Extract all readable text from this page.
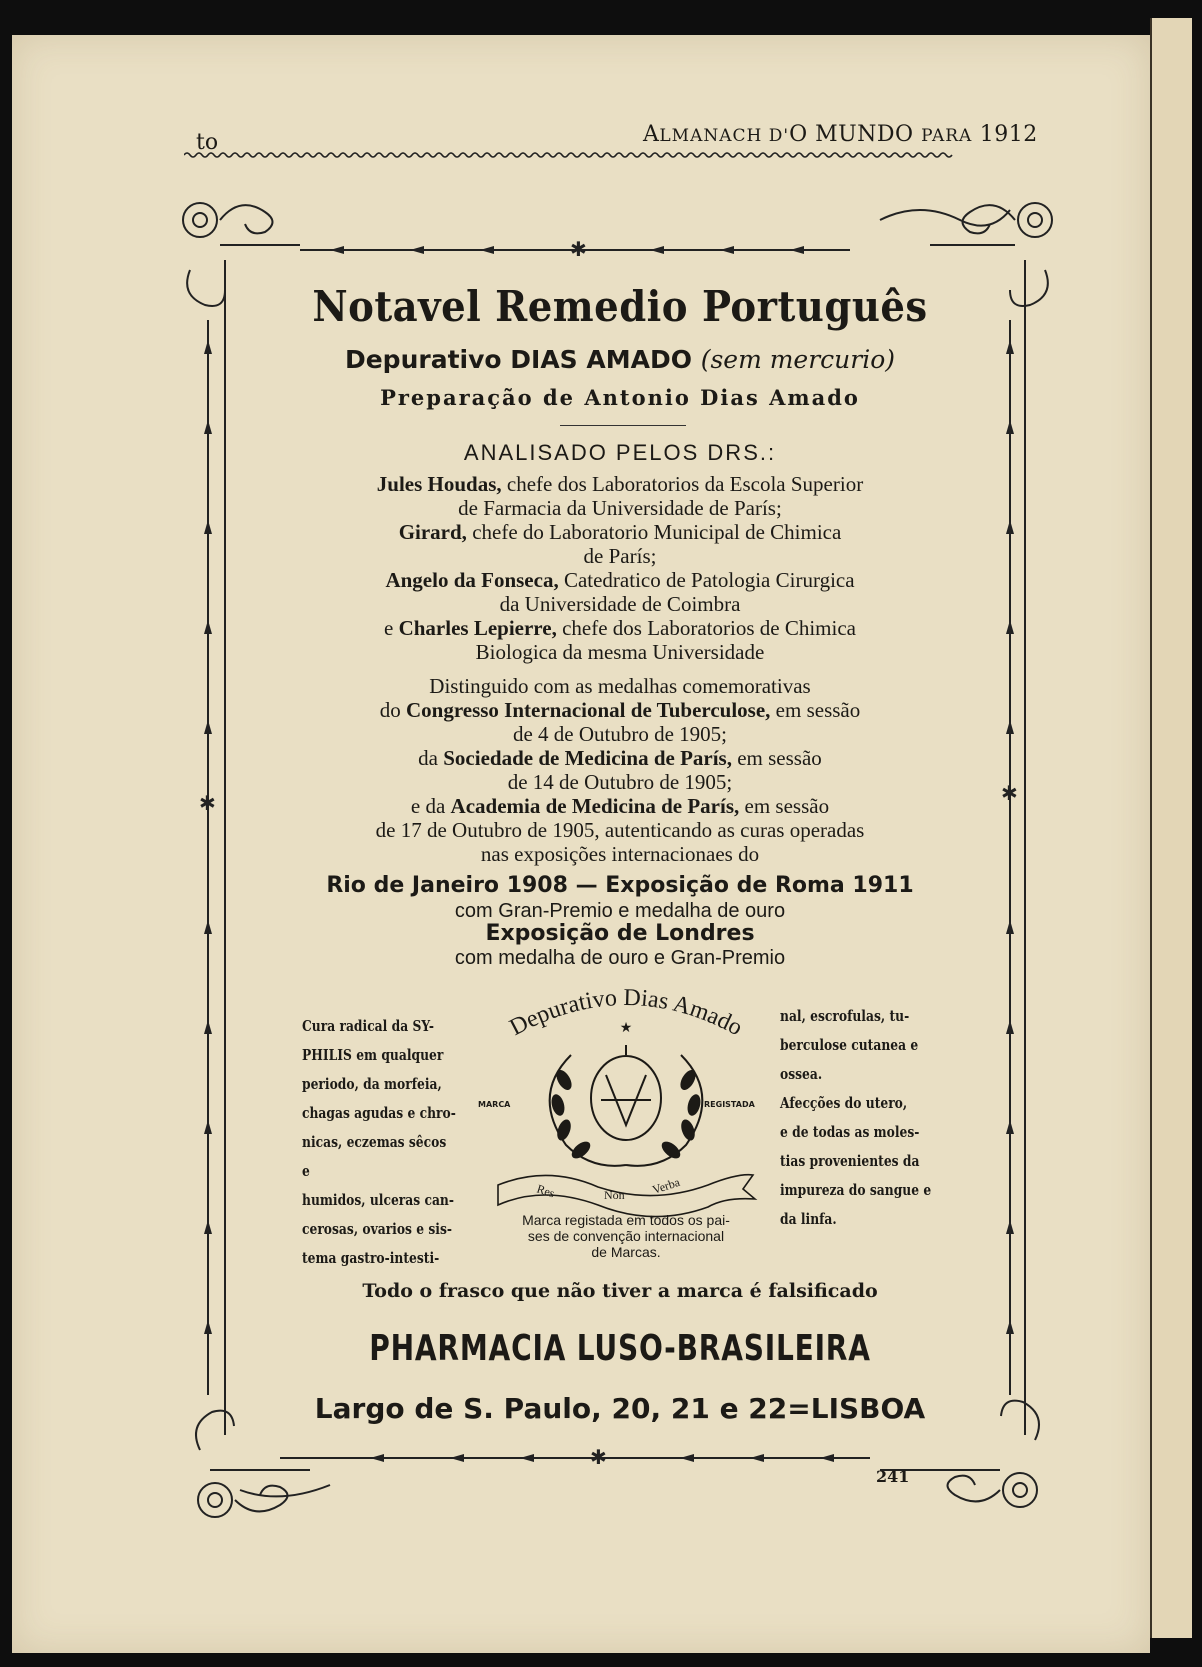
to	ALMANACH D'O MUNDO PARA 1912
✱
✱
✱	✱
Notavel Remedio Português
Depurativo DIAS AMADO (sem mercurio)
Preparação de Antonio Dias Amado
ANALISADO PELOS DRS.:
Jules Houdas, chefe dos Laboratorios da Escola Superior
de Farmacia da Universidade de París;
Girard, chefe do Laboratorio Municipal de Chimica
de París;
Angelo da Fonseca, Catedratico de Patologia Cirurgica
da Universidade de Coimbra
e Charles Lepierre, chefe dos Laboratorios de Chimica
Biologica da mesma Universidade
Distinguido com as medalhas comemorativas
do Congresso Internacional de Tuberculose, em sessão
de 4 de Outubro de 1905;
da Sociedade de Medicina de París, em sessão
de 14 de Outubro de 1905;
e da Academia de Medicina de París, em sessão
de 17 de Outubro de 1905, autenticando as curas operadas
nas exposições internacionaes do
Rio de Janeiro 1908 — Exposição de Roma 1911
com Gran-Premio e medalha de ouro
Exposição de Londres
com medalha de ouro e Gran-Premio
Cura radical da SY-
PHILIS em qualquer
periodo, da morfeia,
chagas agudas e chro-
nicas, eczemas sêcos e
humidos, ulceras can-
cerosas, ovarios e sis-
tema gastro-intesti-
nal, escrofulas, tu-
berculose cutanea e
ossea.
Afecções do utero,
e de todas as moles-
tias provenientes da
impureza do sangue e
da linfa.
Depurativo Dias Amado
★
MARCA	REGISTADA
Res	Non Verba
Marca registada em todos os pai-
ses de convenção internacional
de Marcas.
Todo o frasco que não tiver a marca é falsificado
PHARMACIA LUSO-BRASILEIRA
Largo de S. Paulo, 20, 21 e 22=LISBOA
241
